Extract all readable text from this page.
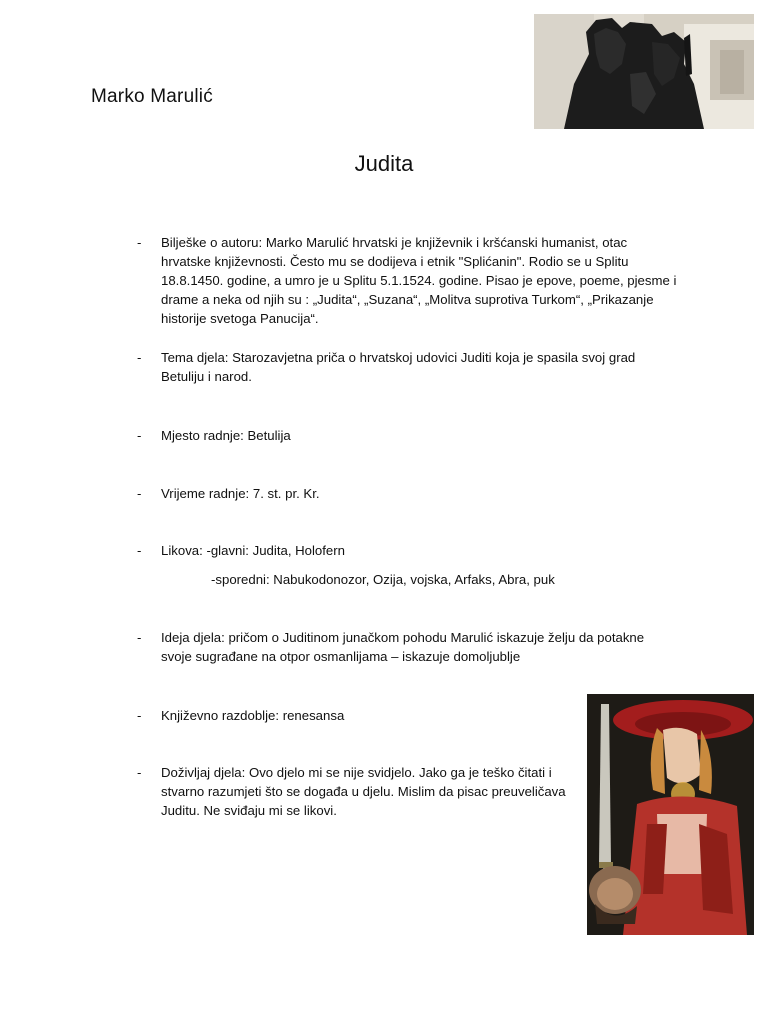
Marko Marulić
Judita
-	Bilješke o autoru: Marko Marulić hrvatski je književnik i kršćanski humanist, otac hrvatske književnosti. Često mu se dodijeva i etnik "Splićanin". Rodio se u Splitu 18.8.1450. godine, a umro je u Splitu 5.1.1524. godine. Pisao je epove, poeme, pjesme i drame a neka od njih su : „Judita“, „Suzana“, „Molitva suprotiva Turkom“, „Prikazanje historije svetoga Panucija“.
-	Tema djela: Starozavjetna priča o hrvatskoj udovici Juditi koja je spasila svoj grad Betuliju i narod.
-	Mjesto radnje: Betulija
-	Vrijeme radnje: 7. st. pr. Kr.
-	Likova: -glavni: Judita, Holofern
-sporedni: Nabukodonozor, Ozija, vojska, Arfaks, Abra, puk
-	Ideja djela: pričom o Juditinom junačkom pohodu Marulić iskazuje želju da potakne svoje sugrađane na otpor osmanlijama – iskazuje domoljublje
-	Književno razdoblje: renesansa
-	Doživljaj djela: Ovo djelo mi se nije svidjelo. Jako ga je teško čitati i stvarno razumjeti što se događa u djelu. Mislim da pisac preuveličava Juditu. Ne sviđaju mi se likovi.
